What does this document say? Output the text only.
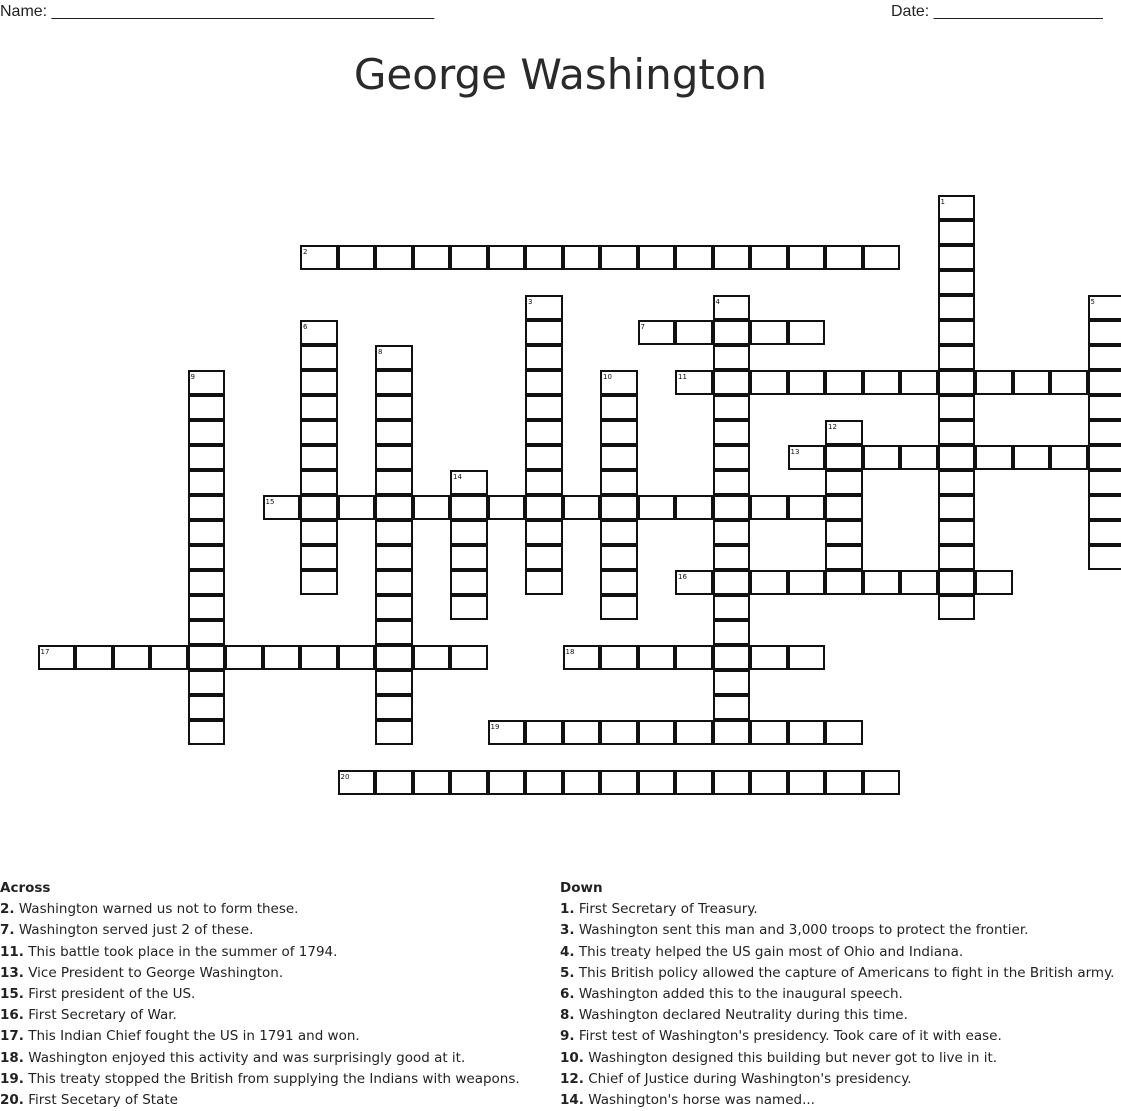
Name: ___________________________________________	Date: ___________________
George Washington
1
2
3	4	5
6	7
8
9	10	11
12
13
14
15
16
17	18
19
20
Across
2. Washington warned us not to form these.
7. Washington served just 2 of these.
11. This battle took place in the summer of 1794.
13. Vice President to George Washington.
15. First president of the US.
16. First Secretary of War.
17. This Indian Chief fought the US in 1791 and won.
18. Washington enjoyed this activity and was surprisingly good at it.
19. This treaty stopped the British from supplying the Indians with weapons.
20. First Secetary of State
Down
1. First Secretary of Treasury.
3. Washington sent this man and 3,000 troops to protect the frontier.
4. This treaty helped the US gain most of Ohio and Indiana.
5. This British policy allowed the capture of Americans to fight in the British army.
6. Washington added this to the inaugural speech.
8. Washington declared Neutrality during this time.
9. First test of Washington's presidency. Took care of it with ease.
10. Washington designed this building but never got to live in it.
12. Chief of Justice during Washington's presidency.
14. Washington's horse was named...
